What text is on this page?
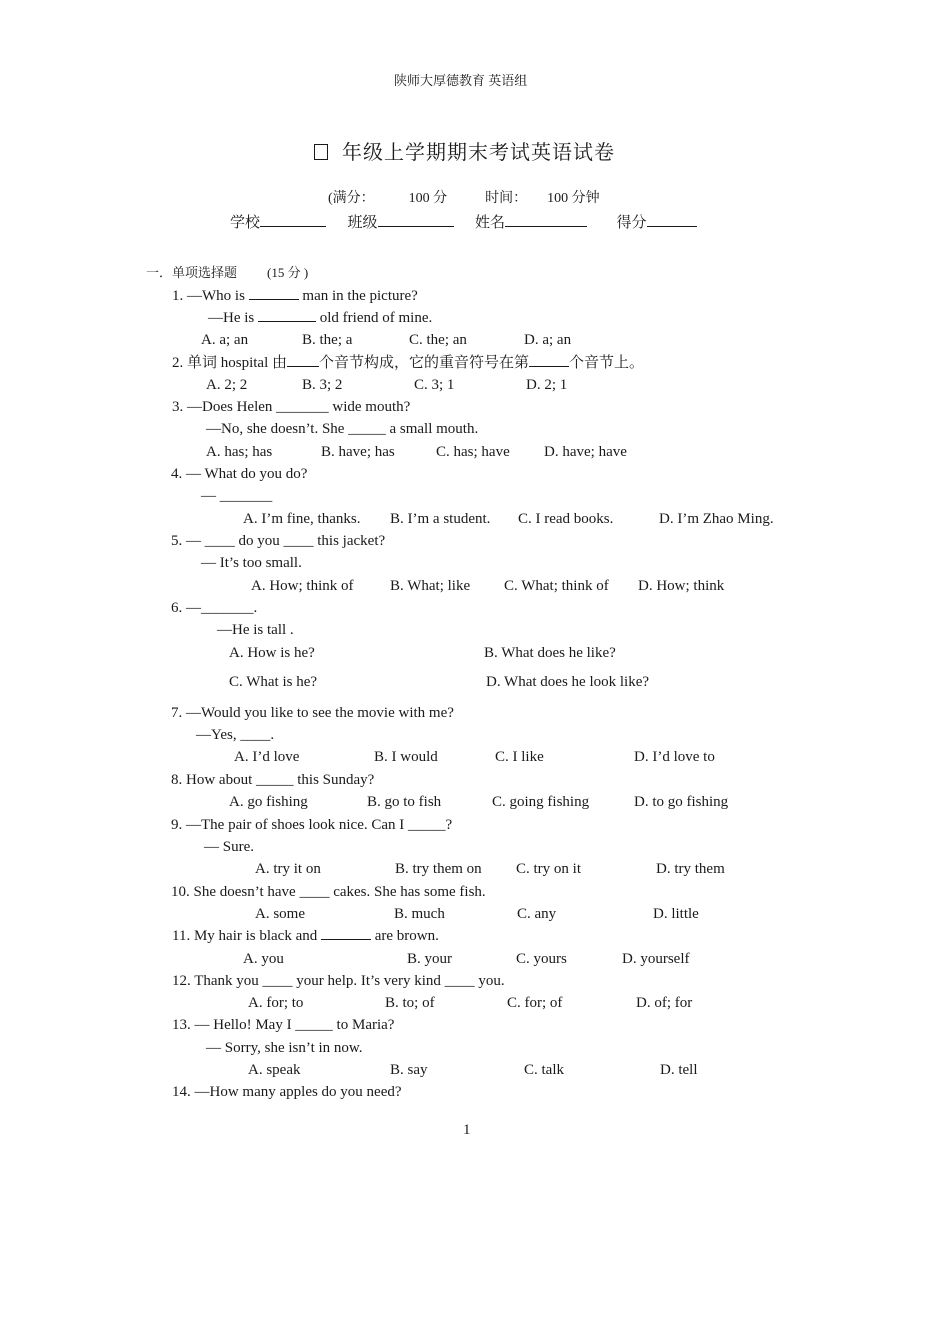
陕师大厚德教育 英语组
年级上学期期末考试英语试卷
(满分： 100 分	时间： 100 分钟
学校	班级	姓名	得分
一．单项选择题 (15 分 )
1. —Who is	man in the picture?
—He is	old friend of mine.
A. a; an	B. the; a	C. the; an	D. a; an
2. 单词 hospital 由 个音节构成，它的重音符号在第	个音节上。
A. 2; 2	B. 3; 2	C. 3; 1	D. 2; 1
3. —Does Helen _______ wide mouth?
—No, she doesn’t. She _____ a small mouth.
A. has; has	B. have; has	C. has; have D. have; have
4. — What do you do?
— _______
A. I’m fine, thanks. B. I’m a student. C. I read books.	D. I’m Zhao Ming.
5. — ____ do you ____ this jacket?
— It’s too small.
A. How; think of B. What; like C. What; think of D. How; think
6. —_______.
—He is tall .
A. How is he?	B. What does he like?
C. What is he?	D. What does he look like?
7. —Would you like to see the movie with me?
—Yes, ____.
A. I’d love	B. I would	C. I like	D. I’d love to
8. How about _____ this Sunday?
A. go fishing	B. go to fish	C. going fishing	D. to go fishing
9. —The pair of shoes look nice. Can I _____?
— Sure.
A. try it on	B. try them on C. try on it	D. try them
10. She doesn’t have ____ cakes. She has some fish.
A. some	B. much	C. any	D. little
11. My hair is black and	are brown.
A. you	B. your	C. yours	D. yourself
12. Thank you ____ your help. It’s very kind ____ you.
A. for; to	B. to; of	C. for; of	D. of; for
13. — Hello! May I _____ to Maria?
— Sorry, she isn’t in now.
A. speak	B. say	C. talk	D. tell
14. —How many apples do you need?
1
